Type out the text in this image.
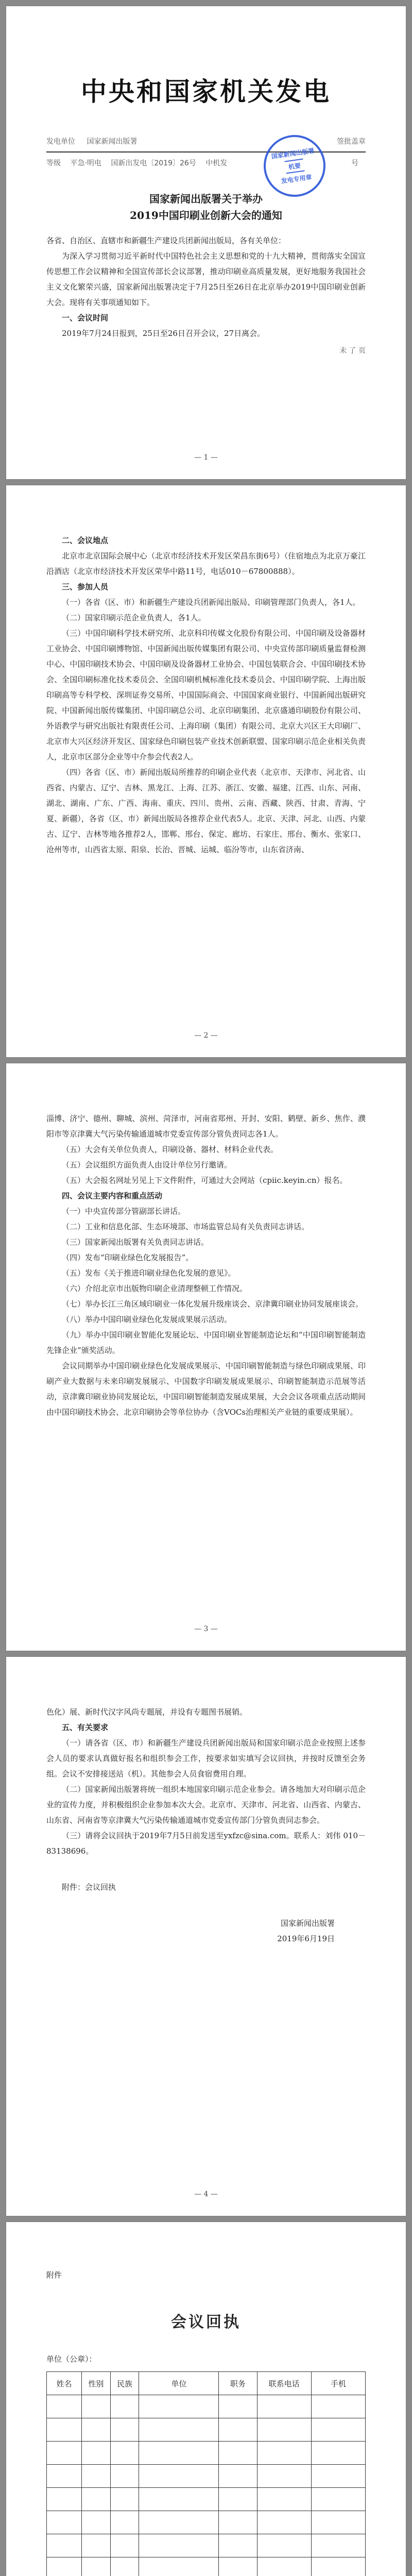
中央和国家机关发电
发电单位 国家新闻出版署	签批盖章
等级 平急·明电 国新出发电〔2019〕26号 中机发	号
国家新闻出版署
机要
发电专用章
国家新闻出版署关于举办
2019中国印刷业创新大会的通知
各省、自治区、直辖市和新疆生产建设兵团新闻出版局，各有关单位：

为深入学习贯彻习近平新时代中国特色社会主义思想和党的十九大精神，贯彻落实全国宣传思想工作会议精神和全国宣传部长会议部署，推动印刷业高质量发展，更好地服务我国社会主义文化繁荣兴盛，国家新闻出版署决定于7月25日至26日在北京举办2019中国印刷业创新大会。现将有关事项通知如下。

一、会议时间

2019年7月24日报到，25日至26日召开会议，27日离会。

未 了 页
— 1 —

二、会议地点

北京市北京国际会展中心（北京市经济技术开发区荣昌东街6号）（住宿地点为北京万豪江沿酒店（北京市经济技术开发区荣华中路11号，电话010－67800888）。

三、参加人员

（一）各省（区、市）和新疆生产建设兵团新闻出版局、印刷管理部门负责人，各1人。

（二）国家印刷示范企业负责人，各1人。

（三）中国印刷科学技术研究所、北京科印传媒文化股份有限公司、中国印刷及设备器材工业协会、中国印刷博物馆、中国新闻出版传媒集团有限公司、中央宣传部印刷质量监督检测中心、中国印刷技术协会、中国印刷及设备器材工业协会、中国包装联合会、中国印刷技术协会、全国印刷标准化技术委员会、全国印刷机械标准化技术委员会、中国印刷学院、上海出版印刷高等专科学校、深圳证券交易所、中国国际商会、中国国家商业银行、中国新闻出版研究院、中国新闻出版传媒集团、中国印刷总公司、北京印刷集团、北京盛通印刷股份有限公司、外语教学与研究出版社有限责任公司、上海印刷（集团）有限公司、北京大兴区王大印刷厂、北京市大兴区经济开发区、国家绿色印刷包装产业技术创新联盟、国家印刷示范企业相关负责人，北京市区部分企业等中介参会代表2人。

（四）各省（区、市）新闻出版局所推荐的印刷企业代表（北京市、天津市、河北省、山西省、内蒙古、辽宁、吉林、黑龙江、上海、江苏、浙江、安徽、福建、江西、山东、河南、湖北、湖南、广东、广西、海南、重庆、四川、贵州、云南、西藏、陕西、甘肃、青海、宁夏、新疆），各省（区、市）新闻出版局各推荐企业代表5人。北京、天津、河北、山西、内蒙古、辽宁、吉林等地各推荐2人，邯郸、邢台、保定、廊坊、石家庄、邢台、衡水、张家口、沧州等市，山西省太原、阳泉、长治、晋城、运城、临汾等市，山东省济南、

— 2 —

淄博、济宁、德州、聊城、滨州、菏泽市，河南省郑州、开封、安阳、鹤壁、新乡、焦作、濮阳市等京津冀大气污染传输通道城市党委宣传部分管负责同志各1人。

（五）大会有关单位负责人，印刷设备、器材、材料企业代表。

（五）会议组织方面负责人由设计单位另行邀请。

（五）大会报名网址另见上下文件附件，可通过大会网站（cpiic.keyin.cn）报名。

四、会议主要内容和重点活动

（一）中央宣传部分管副部长讲话。

（二）工业和信息化部、生态环境部、市场监管总局有关负责同志讲话。

（三）国家新闻出版署有关负责同志讲话。

（四）发布“印刷业绿色化发展报告”。

（五）发布《关于推进印刷业绿色化发展的意见》。

（六）介绍北京市出版物印刷企业清理整顿工作情况。

（七）举办长江三角区域印刷业一体化发展升级座谈会、京津冀印刷业协同发展座谈会。

（八）举办中国印刷业绿色化发展成果展示活动。

（九）举办中国印刷业智能化发展论坛、中国印刷业智能制造论坛和“中国印刷智能制造先锋企业”颁奖活动。

会议同期举办中国印刷业绿色化发展成果展示、中国印刷智能制造与绿色印刷成果展、印刷产业大数据与未来印刷发展展示、中国数字印刷发展成果展示、印刷智能制造示范展等活动，京津冀印刷业协同发展论坛，中国印刷智能制造发展成果展，大会会议各项重点活动期间由中国印刷技术协会、北京印刷协会等单位协办（含VOCs治理相关产业链的重要成果展）。

— 3 —

色化）展、新时代汉字风尚专题展，并设有专题图书展销。

五、有关要求

（一）请各省（区、市）和新疆生产建设兵团新闻出版局和国家印刷示范企业按照上述参会人员的要求认真做好报名和组织参会工作，按要求如实填写会议回执，并按时反馈至会务组。会议不安排接送站（机）。其他参会人员食宿费用自理。

（二）国家新闻出版署将统一组织本地国家印刷示范企业参会。请各地加大对印刷示范企业的宣传力度，并积极组织企业参加本次大会。北京市、天津市、河北省、山西省、内蒙古、山东省、河南省等京津冀大气污染传输通道城市党委宣传部门分管负责同志参会。

（三）请将会议回执于2019年7月5日前发送至yxfzc@sina.com。联系人：刘伟 010－83138696。

附件：会议回执

国家新闻出版署
2019年6月19日
— 4 —
附件
会议回执
单位（公章）：
姓名	性别	民族	单位	职务	联系电话	手机
